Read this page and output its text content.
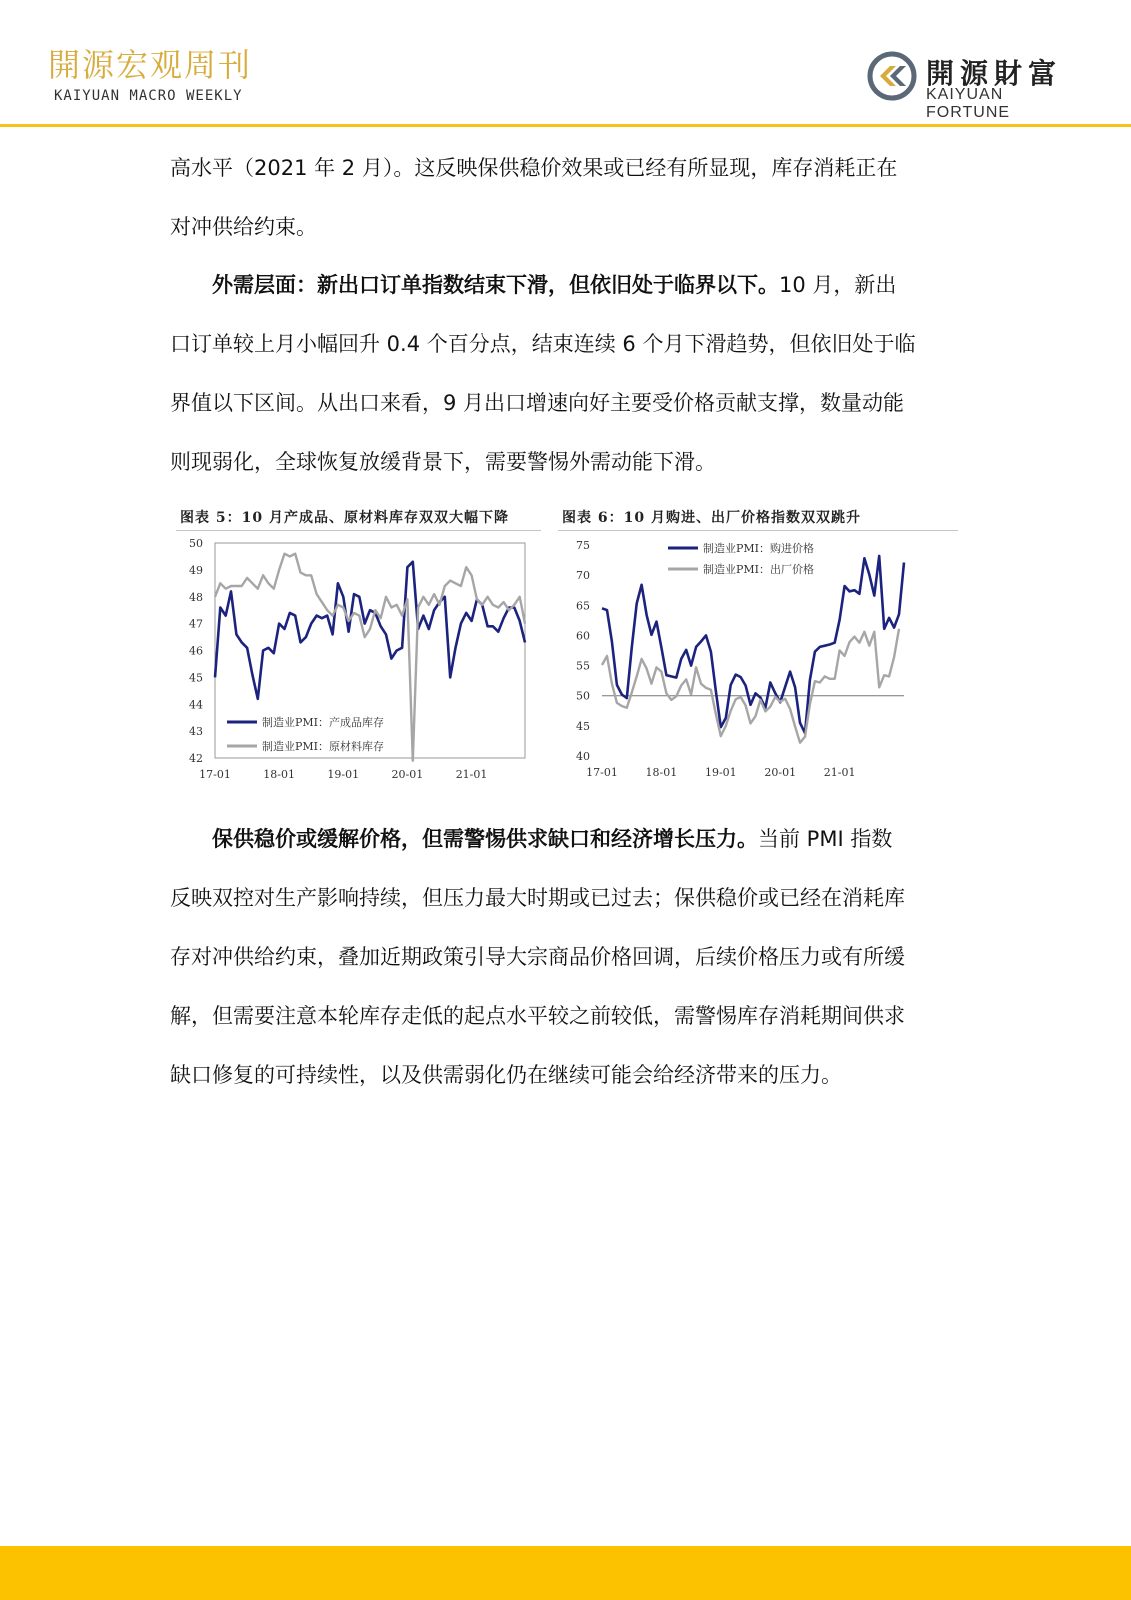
開源宏观周刊
KAIYUAN MACRO WEEKLY
開源財富
KAIYUAN FORTUNE
高水平（2021 年 2 月）。这反映保供稳价效果或已经有所显现，库存消耗正在
对冲供给约束。
外需层面：新出口订单指数结束下滑，但依旧处于临界以下。10 月，新出
口订单较上月小幅回升 0.4 个百分点，结束连续 6 个月下滑趋势，但依旧处于临
界值以下区间。从出口来看，9 月出口增速向好主要受价格贡献支撑，数量动能
则现弱化，全球恢复放缓背景下，需要警惕外需动能下滑。
图表 5：10 月产成品、原材料库存双双大幅下降
42
43
44
45
46
47
48
49
50
17-01	18-01	19-01	20-01	21-01
制造业PMI：产成品库存
制造业PMI：原材料库存
图表 6：10 月购进、出厂价格指数双双跳升
40
45
50
55
60
65
70
75
17-01	18-01	19-01	20-01	21-01
制造业PMI：购进价格
制造业PMI：出厂价格
保供稳价或缓解价格，但需警惕供求缺口和经济增长压力。当前 PMI 指数
反映双控对生产影响持续，但压力最大时期或已过去；保供稳价或已经在消耗库
存对冲供给约束，叠加近期政策引导大宗商品价格回调，后续价格压力或有所缓
解，但需要注意本轮库存走低的起点水平较之前较低，需警惕库存消耗期间供求
缺口修复的可持续性，以及供需弱化仍在继续可能会给经济带来的压力。
